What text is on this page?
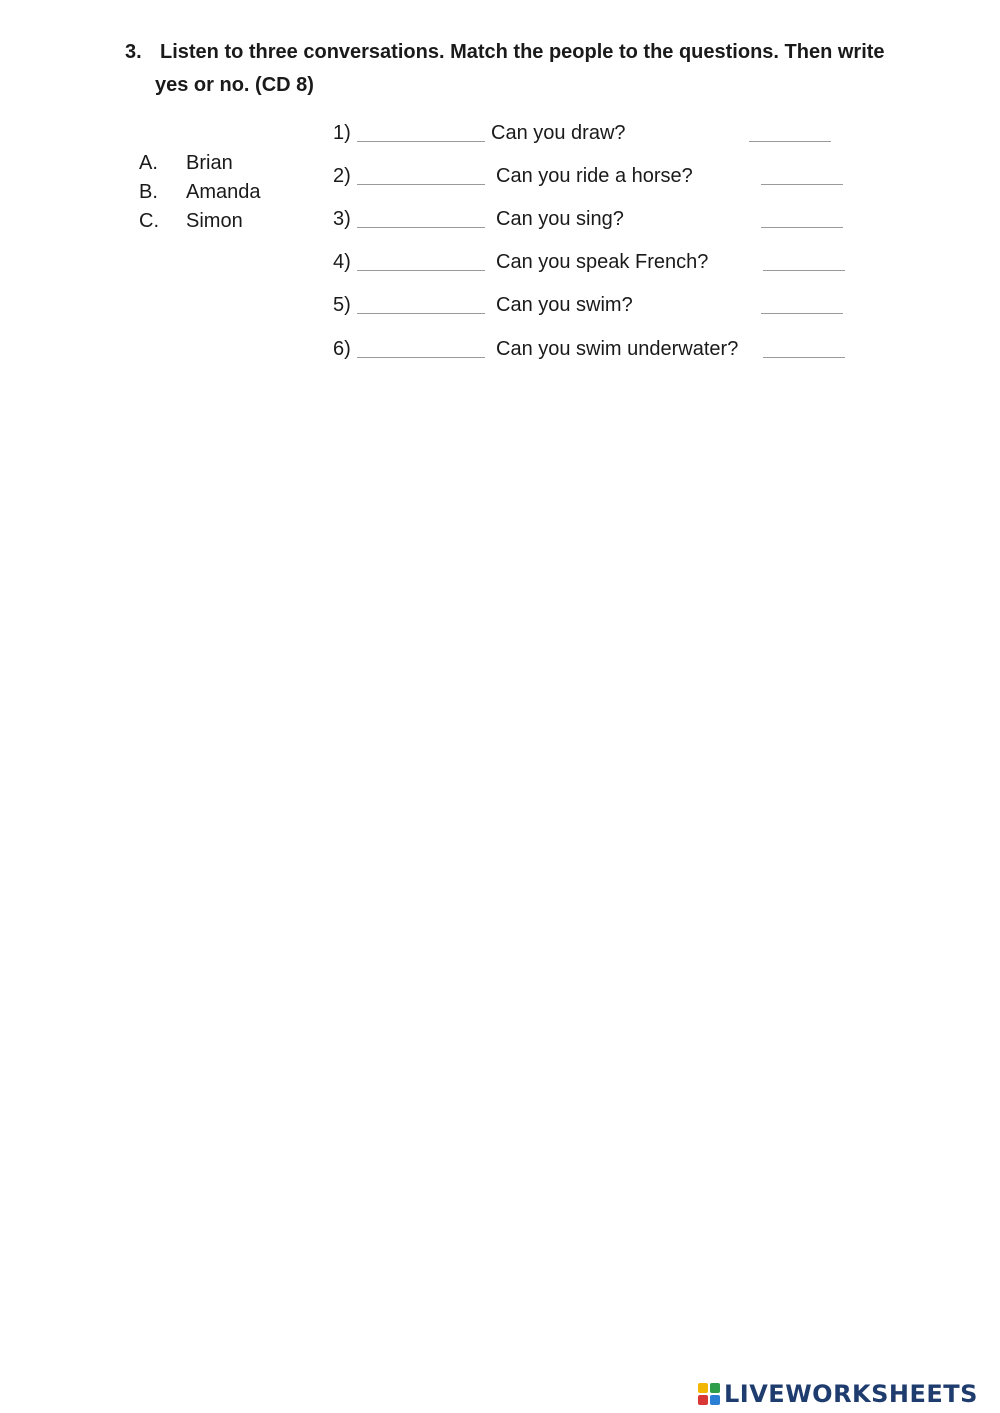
3. Listen to three conversations. Match the people to the questions. Then write
yes or no. (CD 8)
A. Brian
B. Amanda
C. Simon
1)	Can you draw?
2)	Can you ride a horse?
3)	Can you sing?
4)	Can you speak French?
5)	Can you swim?
6)	Can you swim underwater?
LIVEWORKSHEETS
